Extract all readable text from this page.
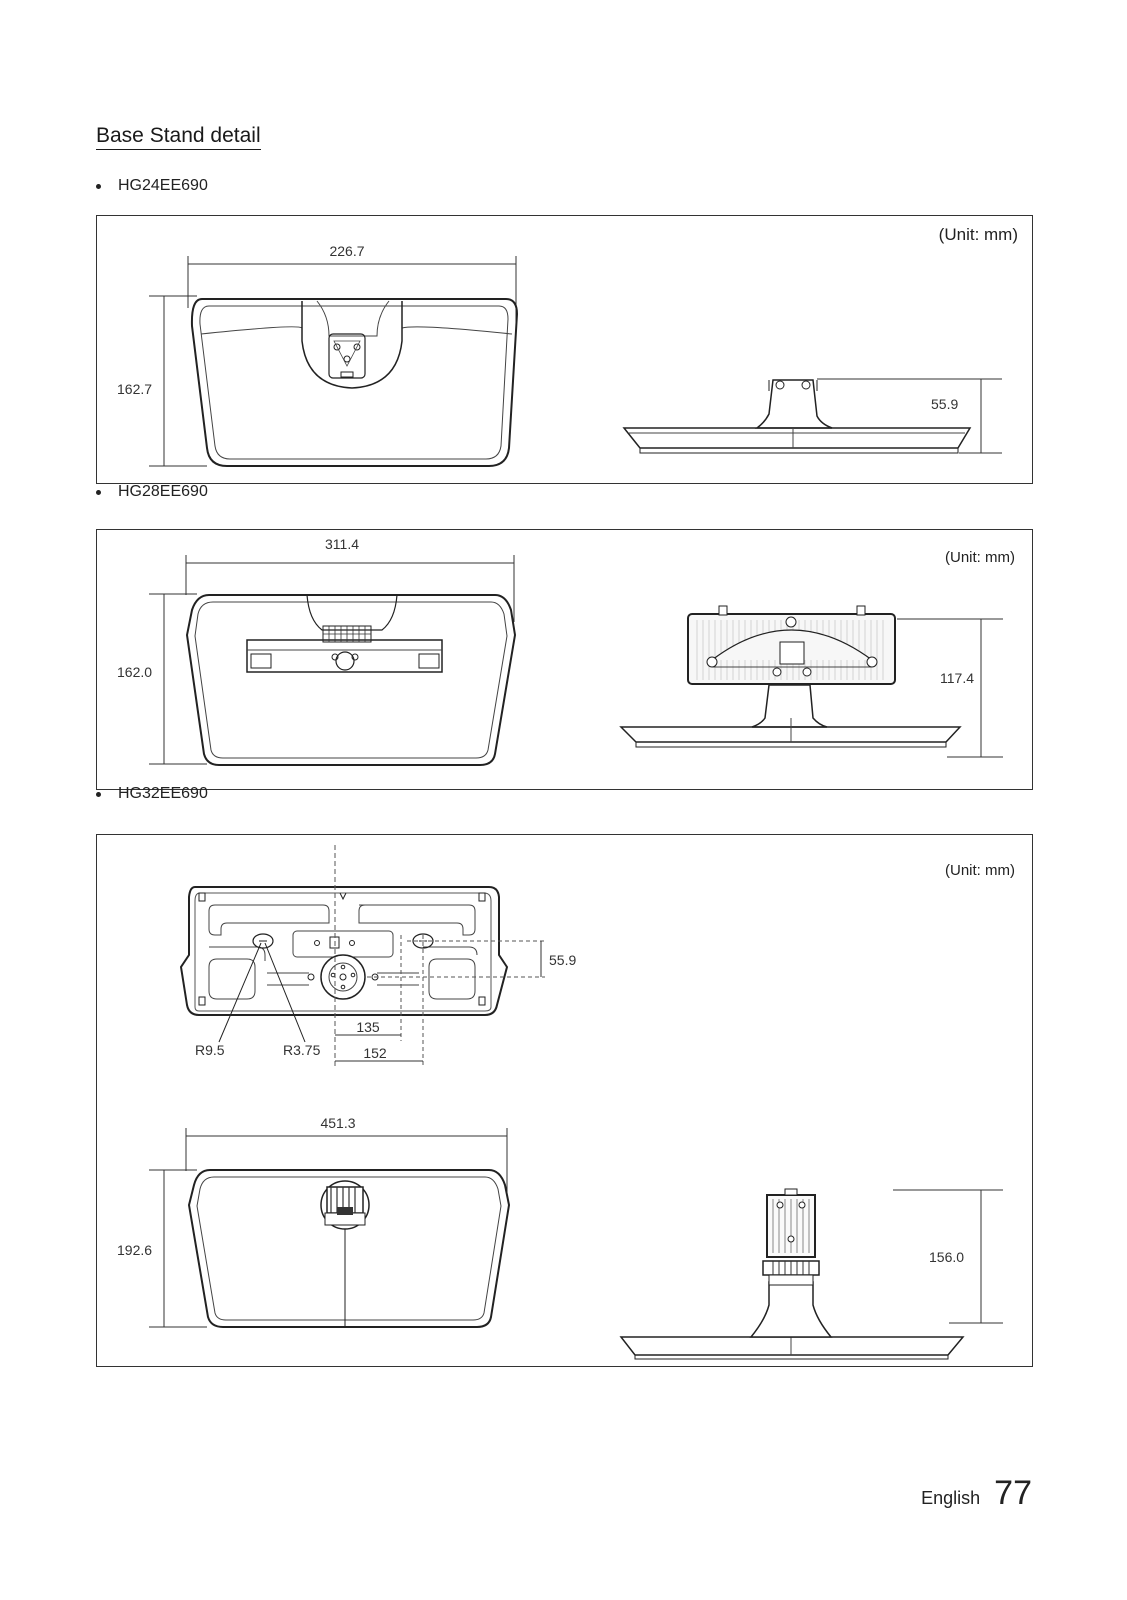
Base Stand detail
HG24EE690
(Unit: mm)
226.7
162.7
55.9
HG28EE690
(Unit: mm)
311.4
162.0	117.4
HG32EE690
(Unit: mm)
55.9
R9.5	R3.75
135
152
451.3
192.6	156.0
English 77
